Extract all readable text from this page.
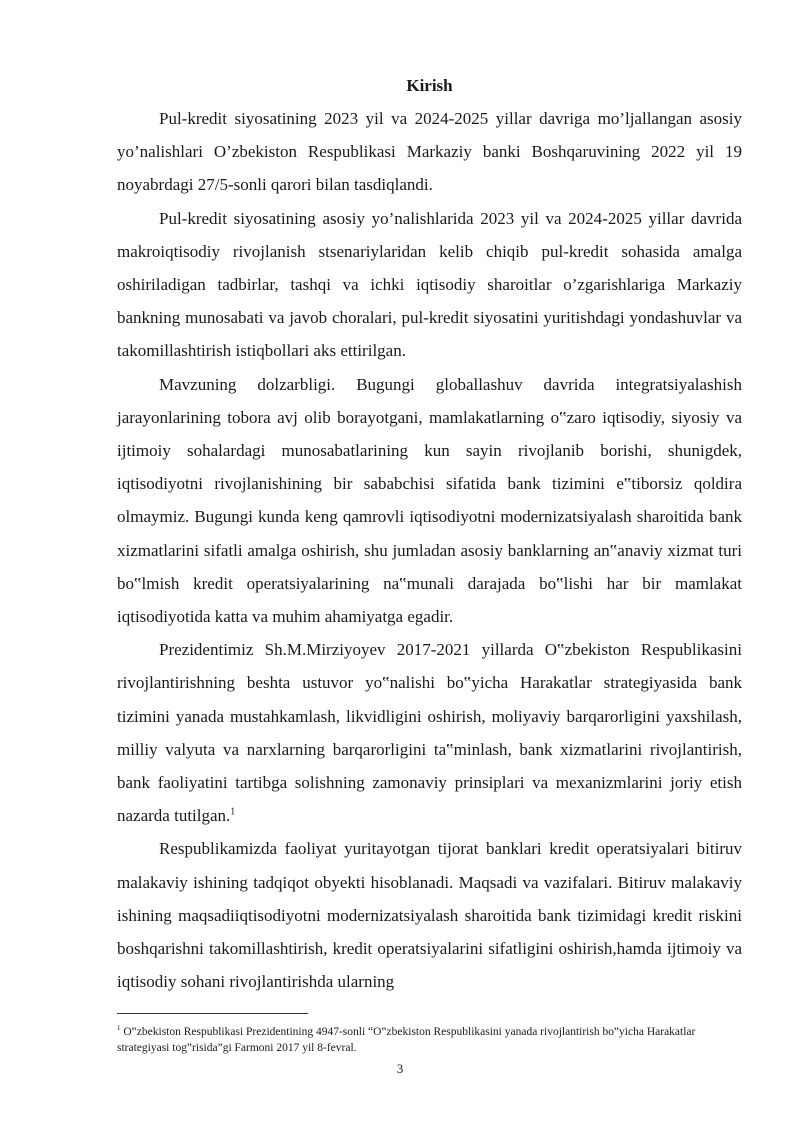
Kirish

Pul-kredit siyosatining 2023 yil va 2024-2025 yillar davriga mo’ljallangan asosiy yo’nalishlari O’zbekiston Respublikasi Markaziy banki Boshqaruvining 2022 yil 19 noyabrdagi 27/5-sonli qarori bilan tasdiqlandi.

Pul-kredit siyosatining asosiy yo’nalishlarida 2023 yil va 2024-2025 yillar davrida makroiqtisodiy rivojlanish stsenariylaridan kelib chiqib pul-kredit sohasida amalga oshiriladigan tadbirlar, tashqi va ichki iqtisodiy sharoitlar o’zgarishlariga Markaziy bankning munosabati va javob choralari, pul-kredit siyosatini yuritishdagi yondashuvlar va takomillashtirish istiqbollari aks ettirilgan.

Mavzuning dolzarbligi. Bugungi globallashuv davrida integratsiyalashish jarayonlarining tobora avj olib borayotgani, mamlakatlarning o‟zaro iqtisodiy, siyosiy va ijtimoiy sohalardagi munosabatlarining kun sayin rivojlanib borishi, shunigdek, iqtisodiyotni rivojlanishining bir sababchisi sifatida bank tizimini e‟tiborsiz qoldira olmaymiz. Bugungi kunda keng qamrovli iqtisodiyotni modernizatsiyalash sharoitida bank xizmatlarini sifatli amalga oshirish, shu jumladan asosiy banklarning an‟anaviy xizmat turi bo‟lmish kredit operatsiyalarining na‟munali darajada bo‟lishi har bir mamlakat iqtisodiyotida katta va muhim ahamiyatga egadir.

Prezidentimiz Sh.M.Mirziyoyev 2017-2021 yillarda O‟zbekiston Respublikasini rivojlantirishning beshta ustuvor yo‟nalishi bo‟yicha Harakatlar strategiyasida bank tizimini yanada mustahkamlash, likvidligini oshirish, moliyaviy barqarorligini yaxshilash, milliy valyuta va narxlarning barqarorligini ta‟minlash, bank xizmatlarini rivojlantirish, bank faoliyatini tartibga solishning zamonaviy prinsiplari va mexanizmlarini joriy etish nazarda tutilgan.$^1$

Respublikamizda faoliyat yuritayotgan tijorat banklari kredit operatsiyalari bitiruv malakaviy ishining tadqiqot obyekti hisoblanadi. Maqsadi va vazifalari. Bitiruv malakaviy ishining maqsadiiqtisodiyotni modernizatsiyalash sharoitida bank tizimidagi kredit riskini boshqarishni takomillashtirish, kredit operatsiyalarini sifatligini oshirish,hamda ijtimoiy va iqtisodiy sohani rivojlantirishda ularning

$^1$ O‟zbekiston Respublikasi Prezidentining 4947-sonli “O‟zbekiston Respublikasini yanada rivojlantirish bo‟yicha Harakatlar strategiyasi tog‟risida”gi Farmoni 2017 yil 8-fevral.
3
